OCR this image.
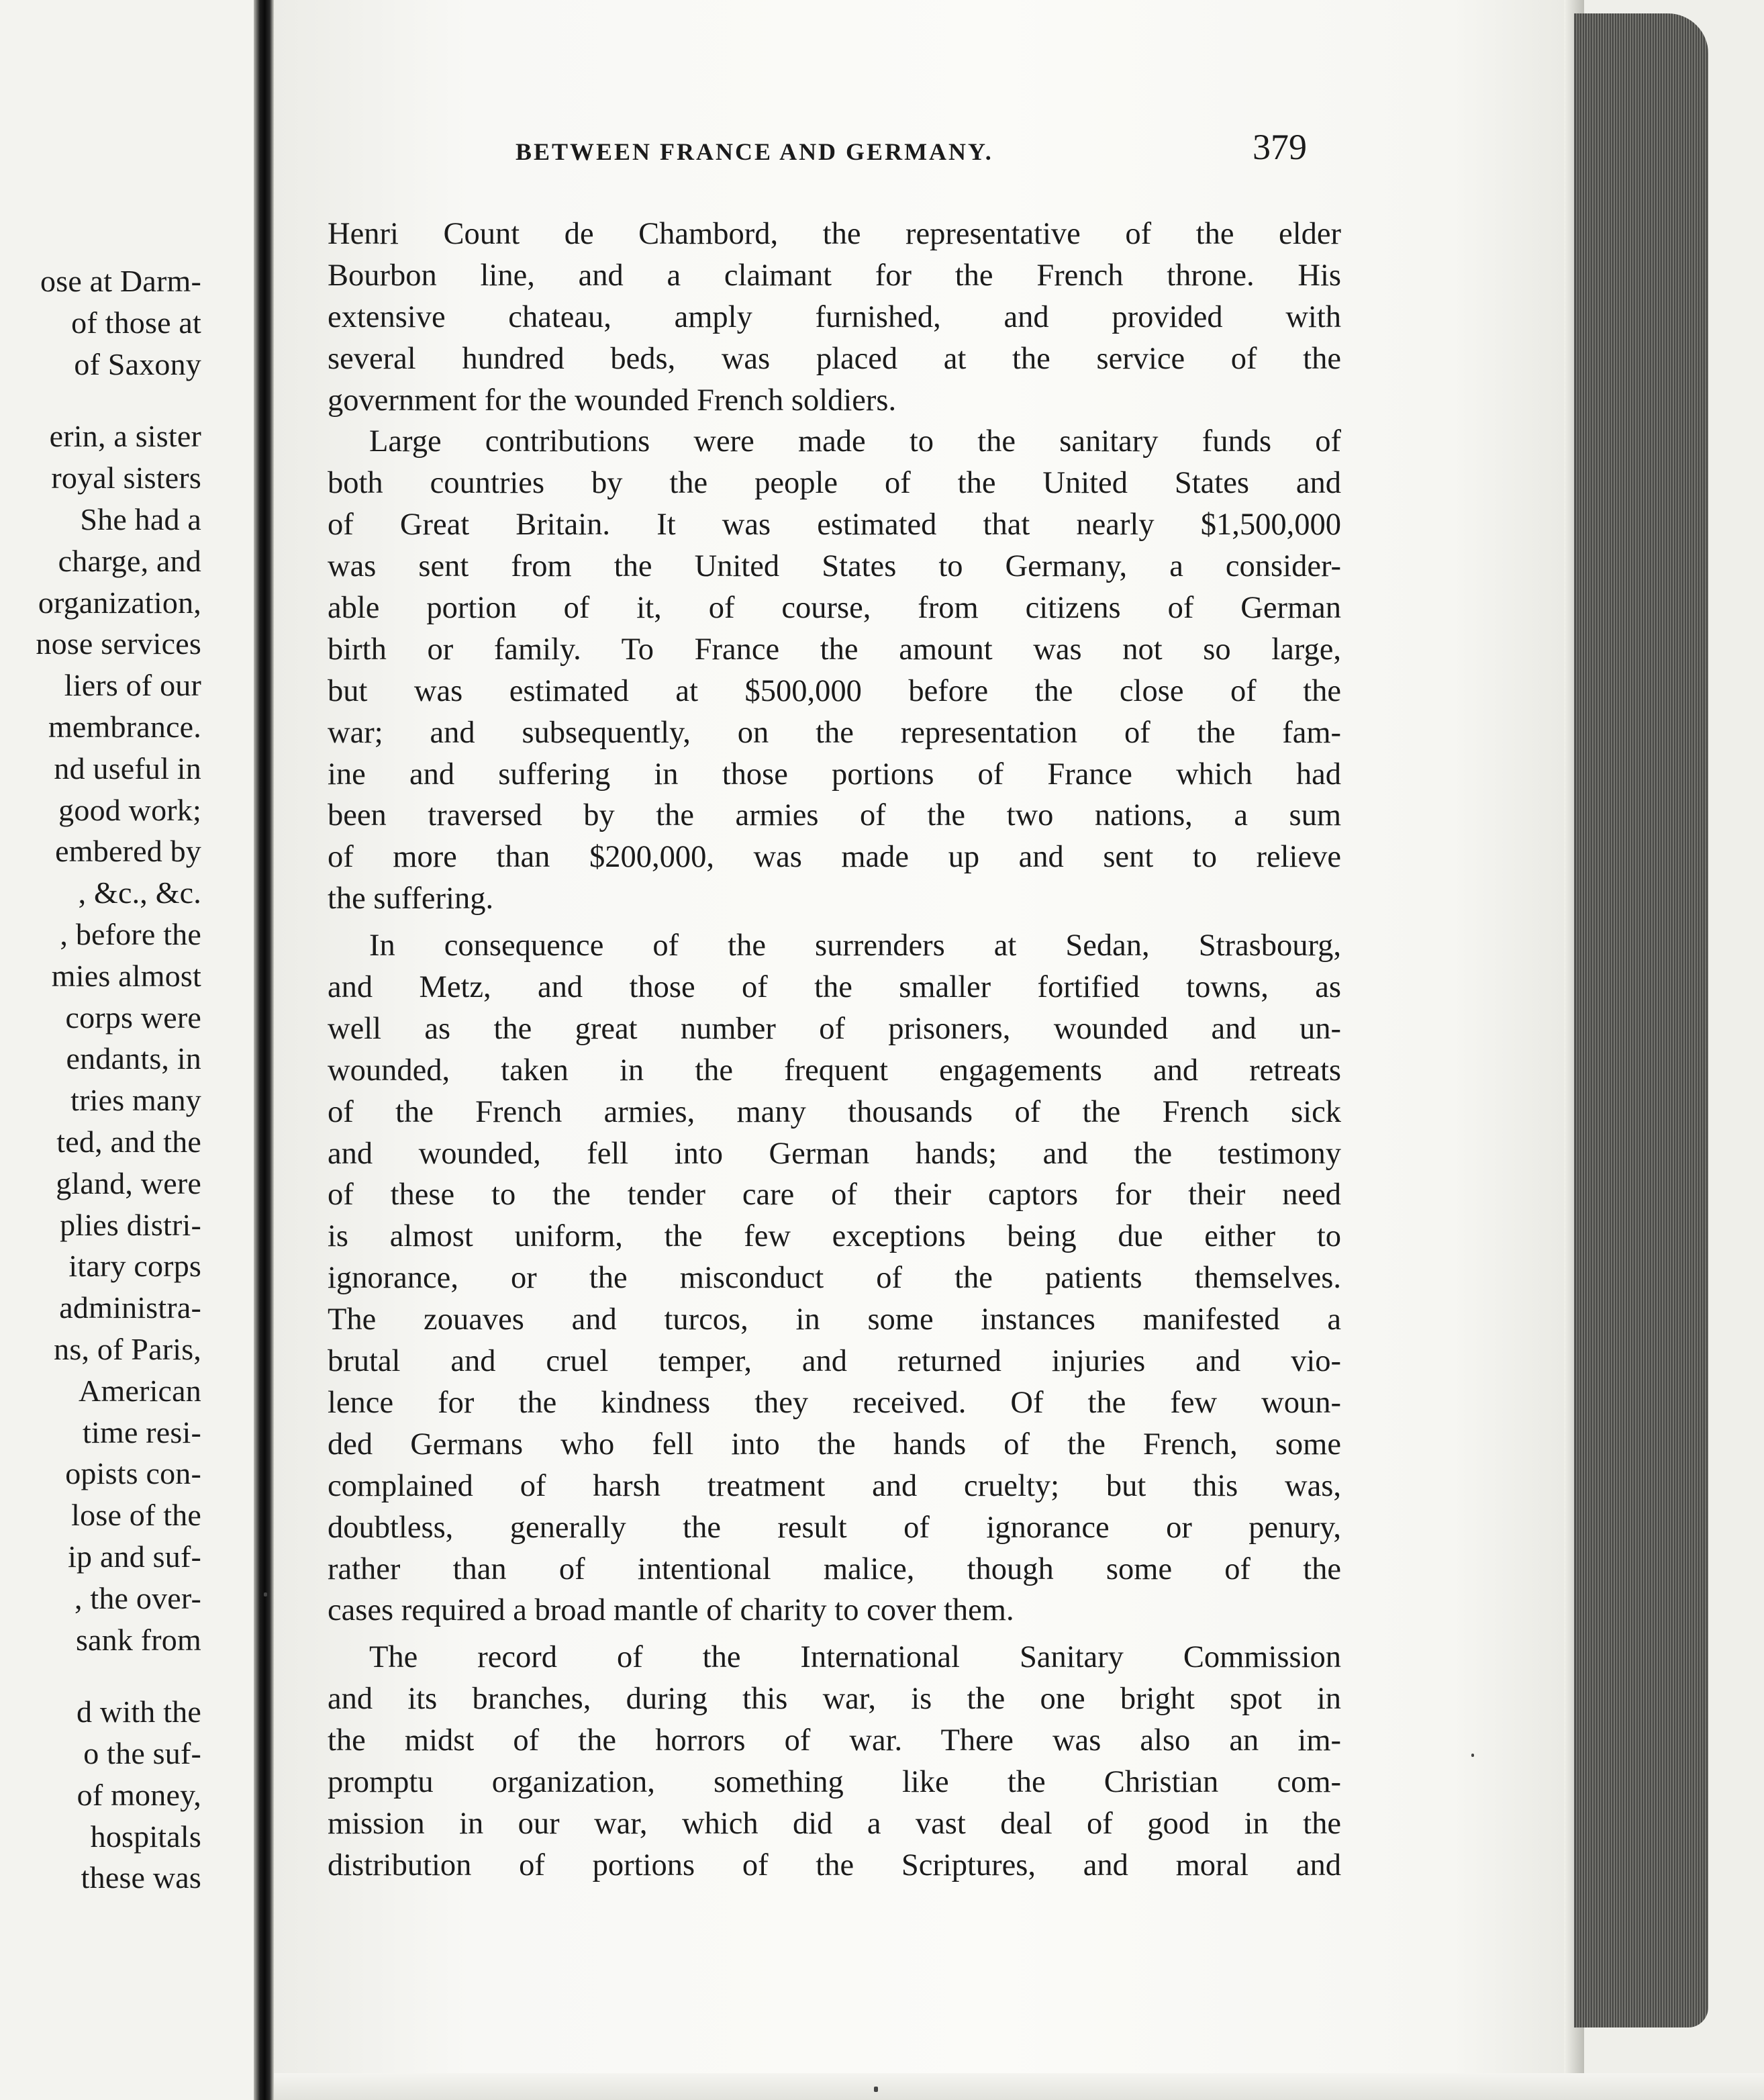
ose at Darm-
of those at
of Saxony
erin, a sister
royal sisters
She had a
charge, and
organization,
nose services
liers of our
membrance.
nd useful in
good work;
embered by
, &c., &c.
, before the
mies almost
corps were
endants, in
tries many
ted, and the
gland, were
plies distri-
itary corps
administra-
ns, of Paris,
American
time resi-
opists con-
lose of the
ip and suf-
, the over-
sank from
d with the
o the suf-
of money,
hospitals
these was
BETWEEN FRANCE AND GERMANY.	379
Henri Count de Chambord, the representative of the elder
Bourbon line, and a claimant for the French throne. His
extensive chateau, amply furnished, and provided with
several hundred beds, was placed at the service of the
government for the wounded French soldiers.
Large contributions were made to the sanitary funds of
both countries by the people of the United States and
of Great Britain. It was estimated that nearly $1,500,000
was sent from the United States to Germany, a consider-
able portion of it, of course, from citizens of German
birth or family. To France the amount was not so large,
but was estimated at $500,000 before the close of the
war; and subsequently, on the representation of the fam-
ine and suffering in those portions of France which had
been traversed by the armies of the two nations, a sum
of more than $200,000, was made up and sent to relieve
the suffering.
In consequence of the surrenders at Sedan, Strasbourg,
and Metz, and those of the smaller fortified towns, as
well as the great number of prisoners, wounded and un-
wounded, taken in the frequent engagements and retreats
of the French armies, many thousands of the French sick
and wounded, fell into German hands; and the testimony
of these to the tender care of their captors for their need
is almost uniform, the few exceptions being due either to
ignorance, or the misconduct of the patients themselves.
The zouaves and turcos, in some instances manifested a
brutal and cruel temper, and returned injuries and vio-
lence for the kindness they received. Of the few woun-
ded Germans who fell into the hands of the French, some
complained of harsh treatment and cruelty; but this was,
doubtless, generally the result of ignorance or penury,
rather than of intentional malice, though some of the
cases required a broad mantle of charity to cover them.
The record of the International Sanitary Commission
and its branches, during this war, is the one bright spot in
the midst of the horrors of war. There was also an im-
promptu organization, something like the Christian com-
mission in our war, which did a vast deal of good in the
distribution of portions of the Scriptures, and moral and
